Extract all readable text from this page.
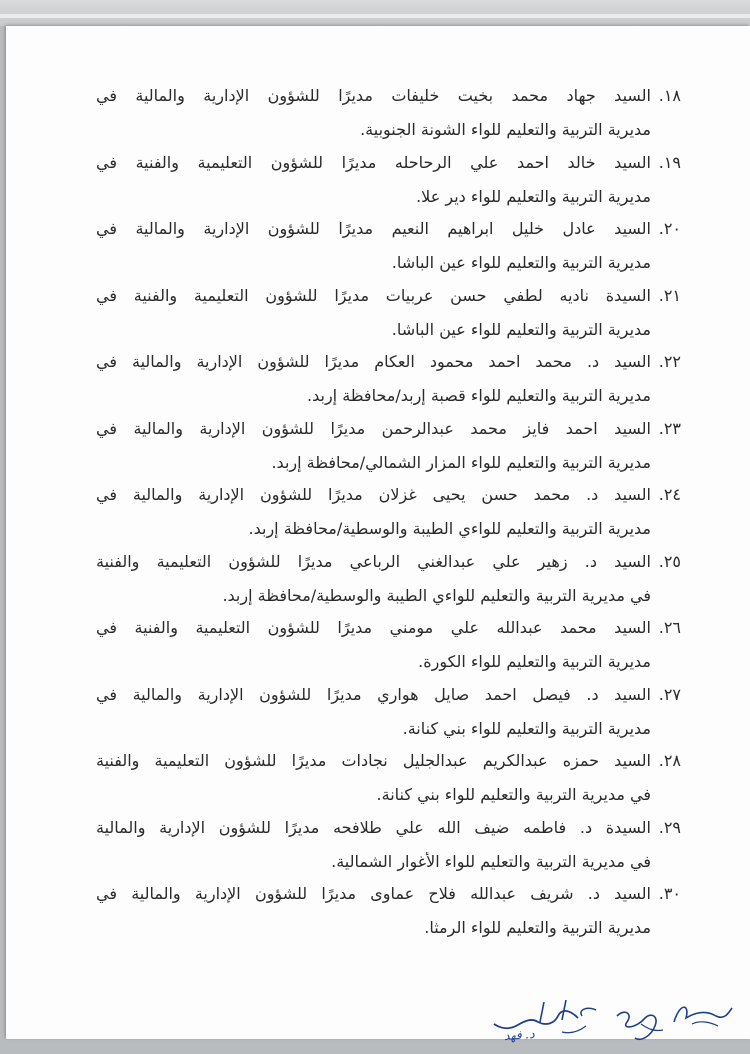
١٨.
السيد جهاد محمد بخيت خليفات مديرًا للشؤون الإدارية والمالية في
مديرية التربية والتعليم للواء الشونة الجنوبية.
١٩.
السيد خالد احمد علي الرحاحله مديرًا للشؤون التعليمية والفنية في
مديرية التربية والتعليم للواء دير علا.
٢٠.
السيد عادل خليل ابراهيم النعيم مديرًا للشؤون الإدارية والمالية في
مديرية التربية والتعليم للواء عين الباشا.
٢١.
السيدة ناديه لطفي حسن عربيات مديرًا للشؤون التعليمية والفنية في
مديرية التربية والتعليم للواء عين الباشا.
٢٢.
السيد د. محمد احمد محمود العكام مديرًا للشؤون الإدارية والمالية في
مديرية التربية والتعليم للواء قصبة إربد/محافظة إربد.
٢٣.
السيد احمد فايز محمد عبدالرحمن مديرًا للشؤون الإدارية والمالية في
مديرية التربية والتعليم للواء المزار الشمالي/محافظة إربد.
٢٤.
السيد د. محمد حسن يحيى غزلان مديرًا للشؤون الإدارية والمالية في
مديرية التربية والتعليم للواءي الطيبة والوسطية/محافظة إربد.
٢٥.
السيد د. زهير علي عبدالغني الرباعي مديرًا للشؤون التعليمية والفنية
في مديرية التربية والتعليم للواءي الطيبة والوسطية/محافظة إربد.
٢٦.
السيد محمد عبدالله علي مومني مديرًا للشؤون التعليمية والفنية في
مديرية التربية والتعليم للواء الكورة.
٢٧.
السيد د. فيصل احمد صايل هواري مديرًا للشؤون الإدارية والمالية في
مديرية التربية والتعليم للواء بني كنانة.
٢٨.
السيد حمزه عبدالكريم عبدالجليل نجادات مديرًا للشؤون التعليمية والفنية
في مديرية التربية والتعليم للواء بني كنانة.
٢٩.
السيدة د. فاطمه ضيف الله علي طلافحه مديرًا للشؤون الإدارية والمالية
في مديرية التربية والتعليم للواء الأغوار الشمالية.
٣٠.
السيد د. شريف عبدالله فلاح عماوى مديرًا للشؤون الإدارية والمالية في
مديرية التربية والتعليم للواء الرمثا.
د. فهد
